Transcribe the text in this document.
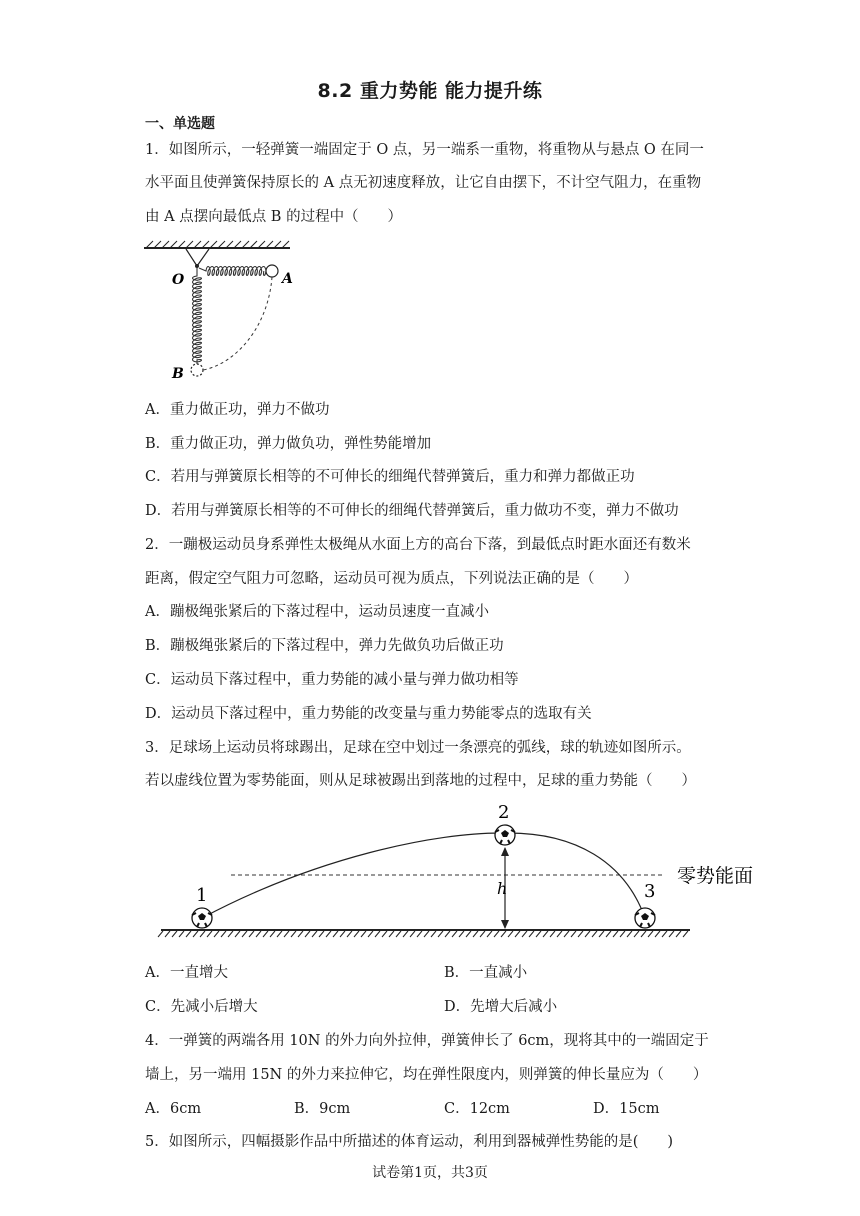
8.2 重力势能 能力提升练
一、单选题
1．如图所示，一轻弹簧一端固定于 O 点，另一端系一重物，将重物从与悬点 O 在同一
水平面且使弹簧保持原长的 A 点无初速度释放，让它自由摆下，不计空气阻力，在重物
由 A 点摆向最低点 B 的过程中（　　）
O	A
B
A．重力做正功，弹力不做功
B．重力做正功，弹力做负功，弹性势能增加
C．若用与弹簧原长相等的不可伸长的细绳代替弹簧后，重力和弹力都做正功
D．若用与弹簧原长相等的不可伸长的细绳代替弹簧后，重力做功不变，弹力不做功
2．一蹦极运动员身系弹性太极绳从水面上方的高台下落，到最低点时距水面还有数米
距离，假定空气阻力可忽略，运动员可视为质点，下列说法正确的是（　　）
A．蹦极绳张紧后的下落过程中，运动员速度一直减小
B．蹦极绳张紧后的下落过程中，弹力先做负功后做正功
C．运动员下落过程中，重力势能的减小量与弹力做功相等
D．运动员下落过程中，重力势能的改变量与重力势能零点的选取有关
3．足球场上运动员将球踢出，足球在空中划过一条漂亮的弧线，球的轨迹如图所示。
若以虚线位置为零势能面，则从足球被踢出到落地的过程中，足球的重力势能（　　）
h
1
2
3
零势能面
A．一直增大	B．一直减小
C．先减小后增大	D．先增大后减小
4．一弹簧的两端各用 10N 的外力向外拉伸，弹簧伸长了 6cm，现将其中的一端固定于
墙上，另一端用 15N 的外力来拉伸它，均在弹性限度内，则弹簧的伸长量应为（　　）
A．6cm	B．9cm	C．12cm	D．15cm
5．如图所示，四幅摄影作品中所描述的体育运动，利用到器械弹性势能的是(　　)
试卷第1页，共3页
